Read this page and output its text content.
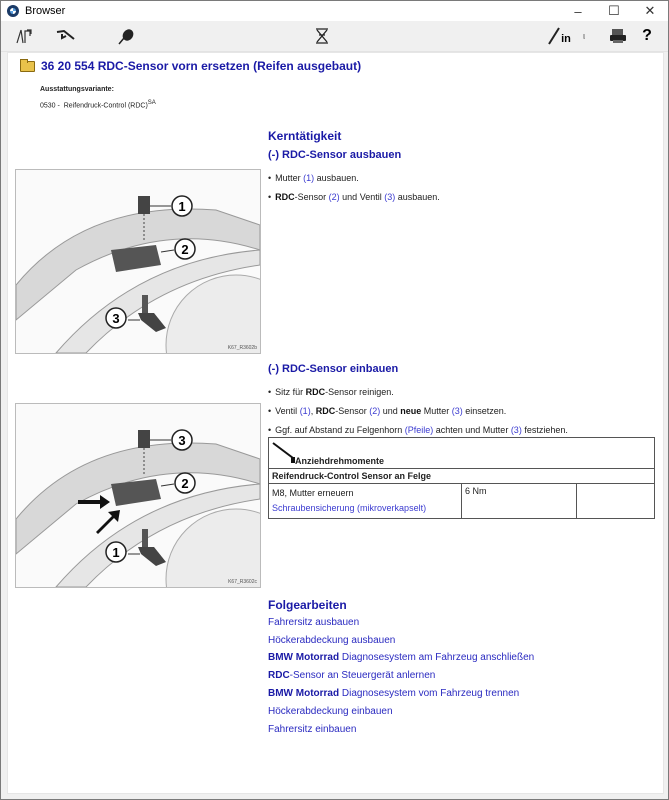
Browser	–	☐	✕
in ι	?
36 20 554 RDC-Sensor vorn ersetzen (Reifen ausgebaut)
Ausstattungsvariante:
0530 -  Reifendruck-Control (RDC)$^{SA}$
Kerntätigkeit
(-) RDC-Sensor ausbauen
• Mutter (1) ausbauen.
• RDC-Sensor (2) und Ventil (3) ausbauen.
1
2
3
K67_R3602b
(-) RDC-Sensor einbauen
• Sitz für RDC-Sensor reinigen.
• Ventil (1), RDC-Sensor (2) und neue Mutter (3) einsetzen.
• Ggf. auf Abstand zu Felgenhorn (Pfeile) achten und Mutter (3) festziehen.
3
2
1
K67_R3602c
Anziehdrehmomente

Reifendruck-Control Sensor an Felge

M8, Mutter erneuern
Schraubensicherung (mikroverkapselt)
	6 Nm	
Folgearbeiten
Fahrersitz ausbauen
Höckerabdeckung ausbauen
BMW Motorrad Diagnosesystem am Fahrzeug anschließen
RDC-Sensor an Steuergerät anlernen
BMW Motorrad Diagnosesystem vom Fahrzeug trennen
Höckerabdeckung einbauen
Fahrersitz einbauen
